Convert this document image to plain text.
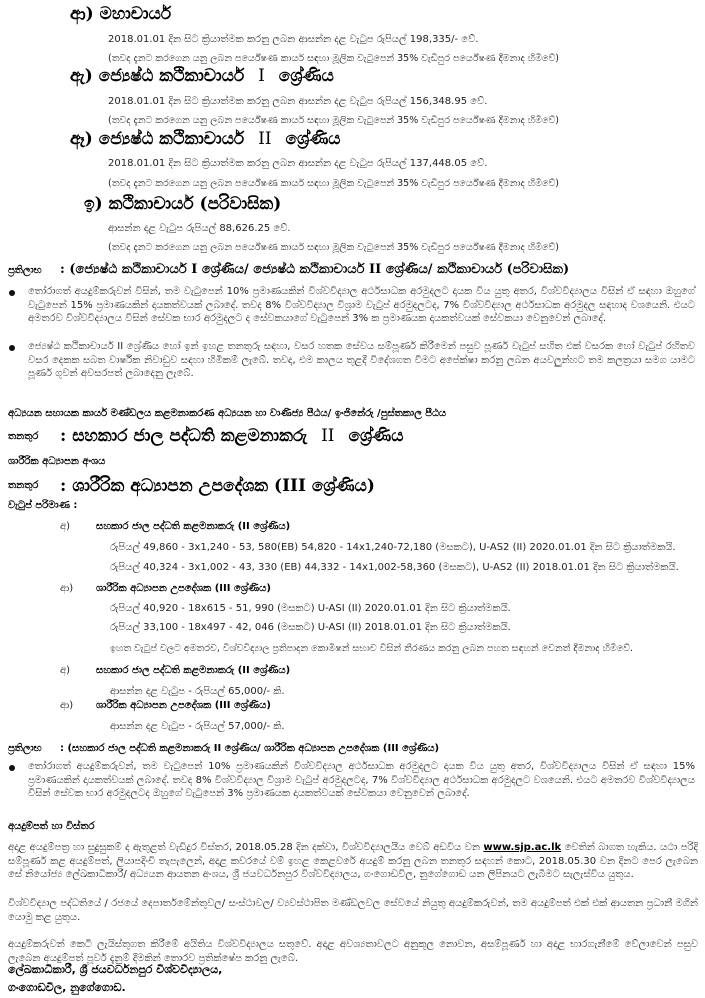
ආ) මහාචාර්ය
2018.01.01 දින සිට ක්‍රියාත්මක කරනු ලබන ආසන්න දළ වැටුප රුපියල් 198,335/- වේ.
(තවද දැනට කරගෙන යනු ලබන පර්යේෂණ කාර්ය සඳහා මූලික වැටුපෙන් 35% වැඩිපුර පර්යේෂණ දීමනාද හිමිවේ)
ඇ) ජ්‍යෙෂ්ඨ කථිකාචාර්ය I ශ්‍රේණිය
2018.01.01 දින සිට ක්‍රියාත්මක කරනු ලබන ආසන්න දළ වැටුප රුපියල් 156,348.95 වේ.
(තවද දැනට කරගෙන යනු ලබන පර්යේෂණ කාර්ය සඳහා මූලික වැටුපෙන් 35% වැඩිපුර පර්යේෂණ දීමනාද හිමිවේ)
ඈ) ජ්‍යෙෂ්ඨ කථිකාචාර්ය II ශ්‍රේණිය
2018.01.01 දින සිට ක්‍රියාත්මක කරනු ලබන ආසන්න දළ වැටුප රුපියල් 137,448.05 වේ.
(තවද දැනට කරගෙන යනු ලබන පර්යේෂණ කාර්ය සඳහා මූලික වැටුපෙන් 35% වැඩිපුර පර්යේෂණ දීමනාද හිමිවේ)
ඉ) කථිකාචාර්ය (පරිවාසික)
ආසන්න දළ වැටුප රුපියල් 88,626.25 වේ.
(තවද දැනට කරගෙන යනු ලබන පර්යේෂණ කාර්ය සඳහා මූලික වැටුපෙන් 35% වැඩිපුර පර්යේෂණ දීමනාද හිමිවේ)
ප්‍රතිලාභ : (ජ්‍යෙෂ්ඨ කථිකාචාර්ය I ශ්‍රේණිය/ ජ්‍යෙෂ්ඨ කථිකාචාර්ය II ශ්‍රේණිය/ කථිකාචාර්ය (පරිවාසික)
තෝරාගත් අයදුම්කරුවන් විසින්, තම වැටුපෙන් 10% ප්‍රමාණයකින් විශ්වවිද්‍යාල අර්ථසාධක අරමුදලට දායක විය යුතු අතර, විශ්වවිද්‍යාලය විසින් ඒ සඳහා ඔහුගේ වැටුපෙන් 15% ප්‍රමාණයකින් දායකත්වයක් ලබාදේ. තවද 8% විශ්වවිද්‍යාල විශ්‍රාම වැටුප් අරමුදලටද, 7% විශ්වවිද්‍යාල අර්ථසාධක අරමුදල සඳහාද වශයෙනි. එයට අමතරව විශ්වවිද්‍යාලය විසින් සේවක භාර අරමුදලට ද සේවකයාගේ වැටුපෙන් 3% ක ප්‍රමාණයක දායකත්වයක් සේවකයා වෙනුවෙන් ලබාදේ.
ජ්‍යෙෂ්ඨ කථිකාචාර්ය II ශ්‍රේණිය හෝ ඉන් ඉහළ තනතුරු සඳහා, වසර හතක සේවය සම්පූර්ණ කිරීමෙන් පසුව පූර්ණ වැටුප් සහිත එක් වසරක හෝ වැටුප් රහිතව වසර දෙකක සබත වාර්ෂික නිවාඩුව සඳහා හිමිකම් ලැබේ. තවද, එම කාලය තුළදී විදේශගත වීමට අපේක්ෂා කරනු ලබන අයවලුන්හට තම කලත්‍රයා සමග යාමට පූර්ණ ගුවන් අවසරපත් ලබාදෙනු ලැබේ.
අධ්‍යයන සහායක කාර්ය මණ්ඩලය කළමනාකරණ අධ්‍යයන හා වාණිජ්‍ය පීඨය/ ඉංජිනේරු /පුස්තකාල පීඨය
තනතුර : සහකාර ජාල පද්ධති කළමනාකරු II ශ්‍රේණිය
ශාරීරික අධ්‍යාපන අංශය
තනතුර : ශාරීරික අධ්‍යාපන උපදේශක (III ශ්‍රේණිය)
වැටුප් පරිමාණ :
අ)	සහකාර ජාල පද්ධති කළමනාකරු (II ශ්‍රේණිය)
රුපියල් 49,860 - 3x1,240 - 53, 580(EB) 54,820 - 14x1,240-72,180 (මසකට), U-AS2 (II) 2020.01.01 දින සිට ක්‍රියාත්මකයි.
රුපියල් 40,324 - 3x1,002 - 43, 330 (EB) 44,332 - 14x1,002-58,360 (මසකට), U-AS2 (II) 2018.01.01 දින සිට ක්‍රියාත්මකයි.
ආ) ශාරීරික අධ්‍යාපන උපදේශක (III ශ්‍රේණිය)
රුපියල් 40,920 - 18x615 - 51, 990 (මසකට) U-ASI (II) 2020.01.01 දින සිට ක්‍රියාත්මකයි.
රුපියල් 33,100 - 18x497 - 42, 046 (මසකට) U-ASI (II) 2018.01.01 දින සිට ක්‍රියාත්මකයි.
ඉහත වැටුප් වලට අමතරව, විශ්වවිද්‍යාල ප්‍රතිපාදන කොමිෂන් සභාව විසින් තීරණය කරනු ලබන පහත සඳහන් වෙනත් දීමනාද හිමිවේ.
අ)	සහකාර ජාල පද්ධති කළමනාකරු (II ශ්‍රේණිය)
ආසන්න දළ වැටුප - රුපියල් 65,000/- කි.
ආ) ශාරීරික අධ්‍යාපන උපදේශක (III ශ්‍රේණිය)
ආසන්න දළ වැටුප - රුපියල් 57,000/- කි.
ප්‍රතිලාභ : (සහකාර ජාල පද්ධති කළමනාකරු II ශ්‍රේණිය/ ශාරීරික අධ්‍යාපන උපදේශක (III ශ්‍රේණිය)
තෝරාගත් අයදුම්කරුවන්, තම වැටුපෙන් 10% ප්‍රමාණයකින් විශ්වවිද්‍යාල අර්ථසාධක අරමුදලට දායක විය යුතු අතර, විශ්වවිද්‍යාලය විසින් ඒ සඳහා 15% ප්‍රමාණයකින් දායකත්වයක් ලබාදේ. තවද 8% විශ්වවිද්‍යාල විශ්‍රාම වැටුප් අරමුදලටද, 7% විශ්වවිද්‍යාල අර්ථසාධක අරමුදලට වශයෙනි. එයට අමතරව විශ්වවිද්‍යාලය විසින් සේවක භාර අරමුදලටද ඔහුගේ වැටුපෙන් 3% ප්‍රමාණයක දායකත්වයක් සේවකයා වෙනුවෙන් ලබාදේ.
අයදුම්පත් හා විස්තර
අදාළ අයදුම්පත්‍ර හා සුදුසුකම් ද ඇතුළත් වැඩිදුර විස්තර, 2018.05.28 දින දක්වා, විශ්වවිද්‍යාලයීය වෙබ් අඩවිය වන www.sjp.ac.lk වෙතින් බාගත හැකිය. යථා පරිදි සම්පූර්ණ කළ අයදුම්පත්, ලියාපදිංචි තැපැලෙන්, අදාළ කවරයේ වම් ඉහළ කෙළවරේ අයදුම් කරනු ලබන තනතුර සඳහන් කොට, 2018.05.30 වන දිනට පෙර ලැබෙන සේ නියෝජ්‍ය ලේඛකාධිකාරී/ අධ්‍යයන ආයතන අංශය, ශ්‍රී ජයවර්ධනපුර විශ්වවිද්‍යාලය, ගංගොඩවිල, නුගේගොඩ යන ලිපිනයට ලැබීමට සැලැස්විය යුතුය.
විශ්වවිද්‍යාල පද්ධතියේ / රජයේ දෙපාර්තමේන්තුවල/ සංස්ථාවල/ ව්‍යවස්ථාපිත මණ්ඩලවල සේවයේ නියුතු අයදුම්කරුවන්, තම අයදුම්පත් එක් එක් ආයතන ප්‍රධානී මගින් යොමු කළ යුතුය.
අයදුම්කරුවන් කෙටි ලැයිස්තුගත කිරීමේ අයිතිය විශ්වවිද්‍යාලය සතුවේ. අදාළ අවශ්‍යතාවලට අනුකූල නොවන, අසම්පූර්ණ හා අදාළ භාරගැනීමේ වේලාවෙන් පසුව ලැබෙන අයදුම්පත් පූර්ව දැනුම් දීමකින් තොරව ප්‍රතික්ෂේප කරනු ලැබේ.
ලේඛකාධිකාරී, ශ්‍රී ජයවර්ධනපුර විශ්වවිද්‍යාලය,
ගංගොඩවිල, නුගේගොඩ.
